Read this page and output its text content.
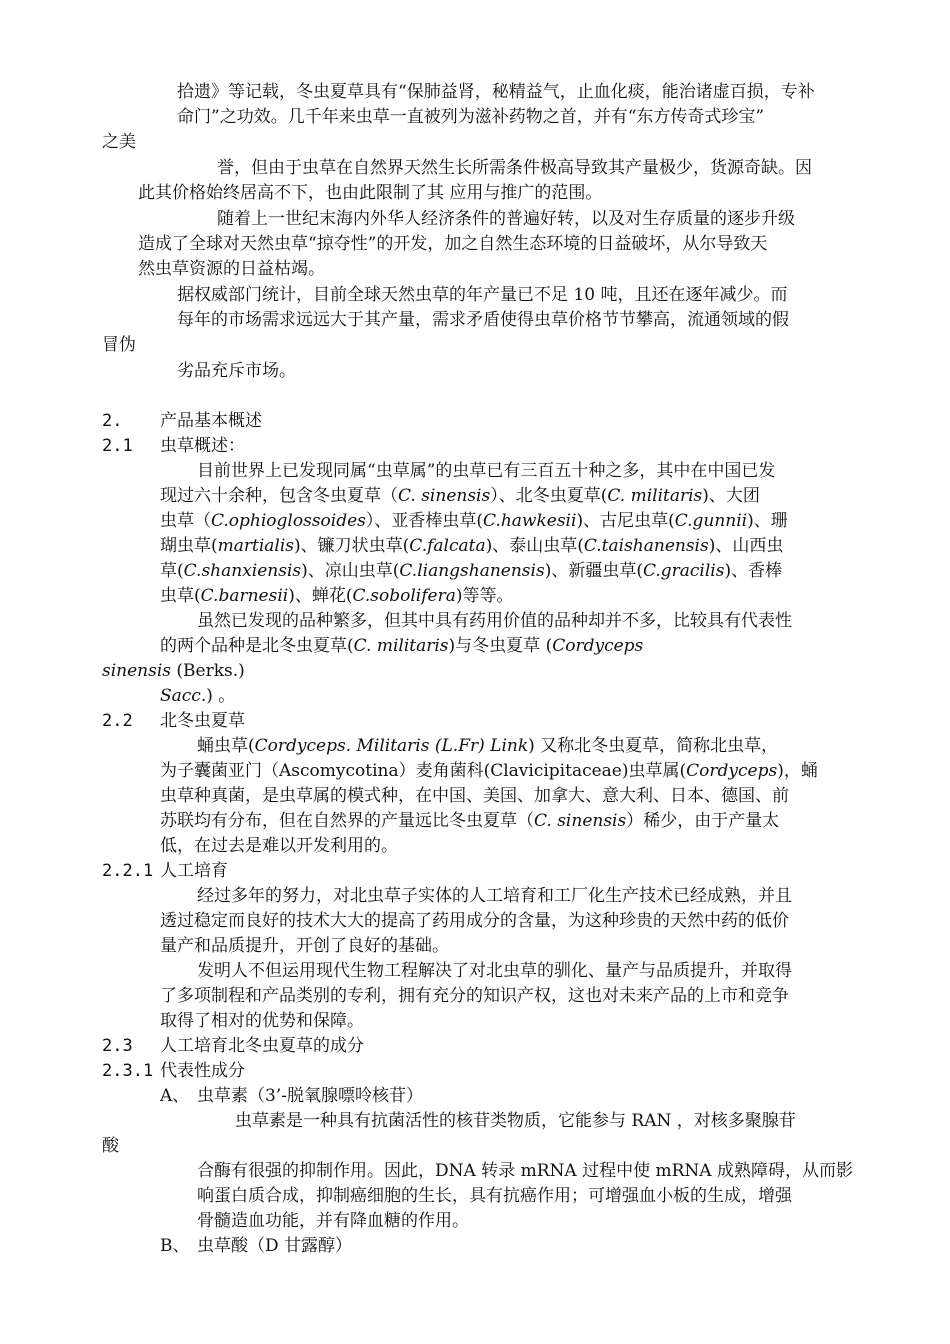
拾遗》等记载，冬虫夏草具有“保肺益肾，秘精益气，止血化痰，能治诸虚百损，专补
命门”之功效。几千年来虫草一直被列为滋补药物之首，并有“东方传奇式珍宝”
之美
誉，但由于虫草在自然界天然生长所需条件极高导致其产量极少，货源奇缺。因
此其价格始终居高不下，也由此限制了其 应用与推广的范围。
随着上一世纪末海内外华人经济条件的普遍好转，以及对生存质量的逐步升级
造成了全球对天然虫草“掠夺性”的开发，加之自然生态环境的日益破坏，从尔导致天
然虫草资源的日益枯竭。
据权威部门统计，目前全球天然虫草的年产量已不足 10 吨，且还在逐年减少。而
每年的市场需求远远大于其产量，需求矛盾使得虫草价格节节攀高，流通领域的假
冒伪
劣品充斥市场。
2. 产品基本概述
2.1 虫草概述：
目前世界上已发现同属“虫草属”的虫草已有三百五十种之多，其中在中国已发
现过六十余种，包含冬虫夏草（C. sinensis）、北冬虫夏草(C. militaris)、大团
虫草（C.ophioglossoides）、亚香棒虫草(C.hawkesii)、古尼虫草(C.gunnii)、珊
瑚虫草(martialis)、镰刀状虫草(C.falcata)、泰山虫草(C.taishanensis)、山西虫
草(C.shanxiensis)、凉山虫草(C.liangshanensis)、新疆虫草(C.gracilis)、香棒
虫草(C.barnesii)、蝉花(C.sobolifera)等等。
虽然已发现的品种繁多，但其中具有药用价值的品种却并不多，比较具有代表性
的两个品种是北冬虫夏草(C. militaris)与冬虫夏草 (Cordyceps
sinensis (Berks.)
Sacc.) 。
2.2 北冬虫夏草
蛹虫草(Cordyceps. Militaris (L.Fr) Link) 又称北冬虫夏草，简称北虫草，
为子囊菌亚门（Ascomycotina）麦角菌科(Clavicipitaceae)虫草属(Cordyceps)，蛹
虫草种真菌，是虫草属的模式种，在中国、美国、加拿大、意大利、日本、德国、前
苏联均有分布，但在自然界的产量远比冬虫夏草（C. sinensis）稀少，由于产量太
低，在过去是难以开发利用的。
2.2.1 人工培育
经过多年的努力，对北虫草子实体的人工培育和工厂化生产技术已经成熟，并且
透过稳定而良好的技术大大的提高了药用成分的含量，为这种珍贵的天然中药的低价
量产和品质提升，开创了良好的基础。
发明人不但运用现代生物工程解决了对北虫草的驯化、量产与品质提升，并取得
了多项制程和产品类别的专利，拥有充分的知识产权，这也对未来产品的上市和竞争
取得了相对的优势和保障。
2.3 人工培育北冬虫夏草的成分
2.3.1 代表性成分
A、 虫草素（3’-脱氧腺嘌呤核苷）
虫草素是一种具有抗菌活性的核苷类物质，它能参与 RAN ，对核多聚腺苷
酸
合酶有很强的抑制作用。因此，DNA 转录 mRNA 过程中使 mRNA 成熟障碍，从而影
响蛋白质合成，抑制癌细胞的生长，具有抗癌作用；可增强血小板的生成，增强
骨髓造血功能，并有降血糖的作用。
B、 虫草酸（D 甘露醇）
